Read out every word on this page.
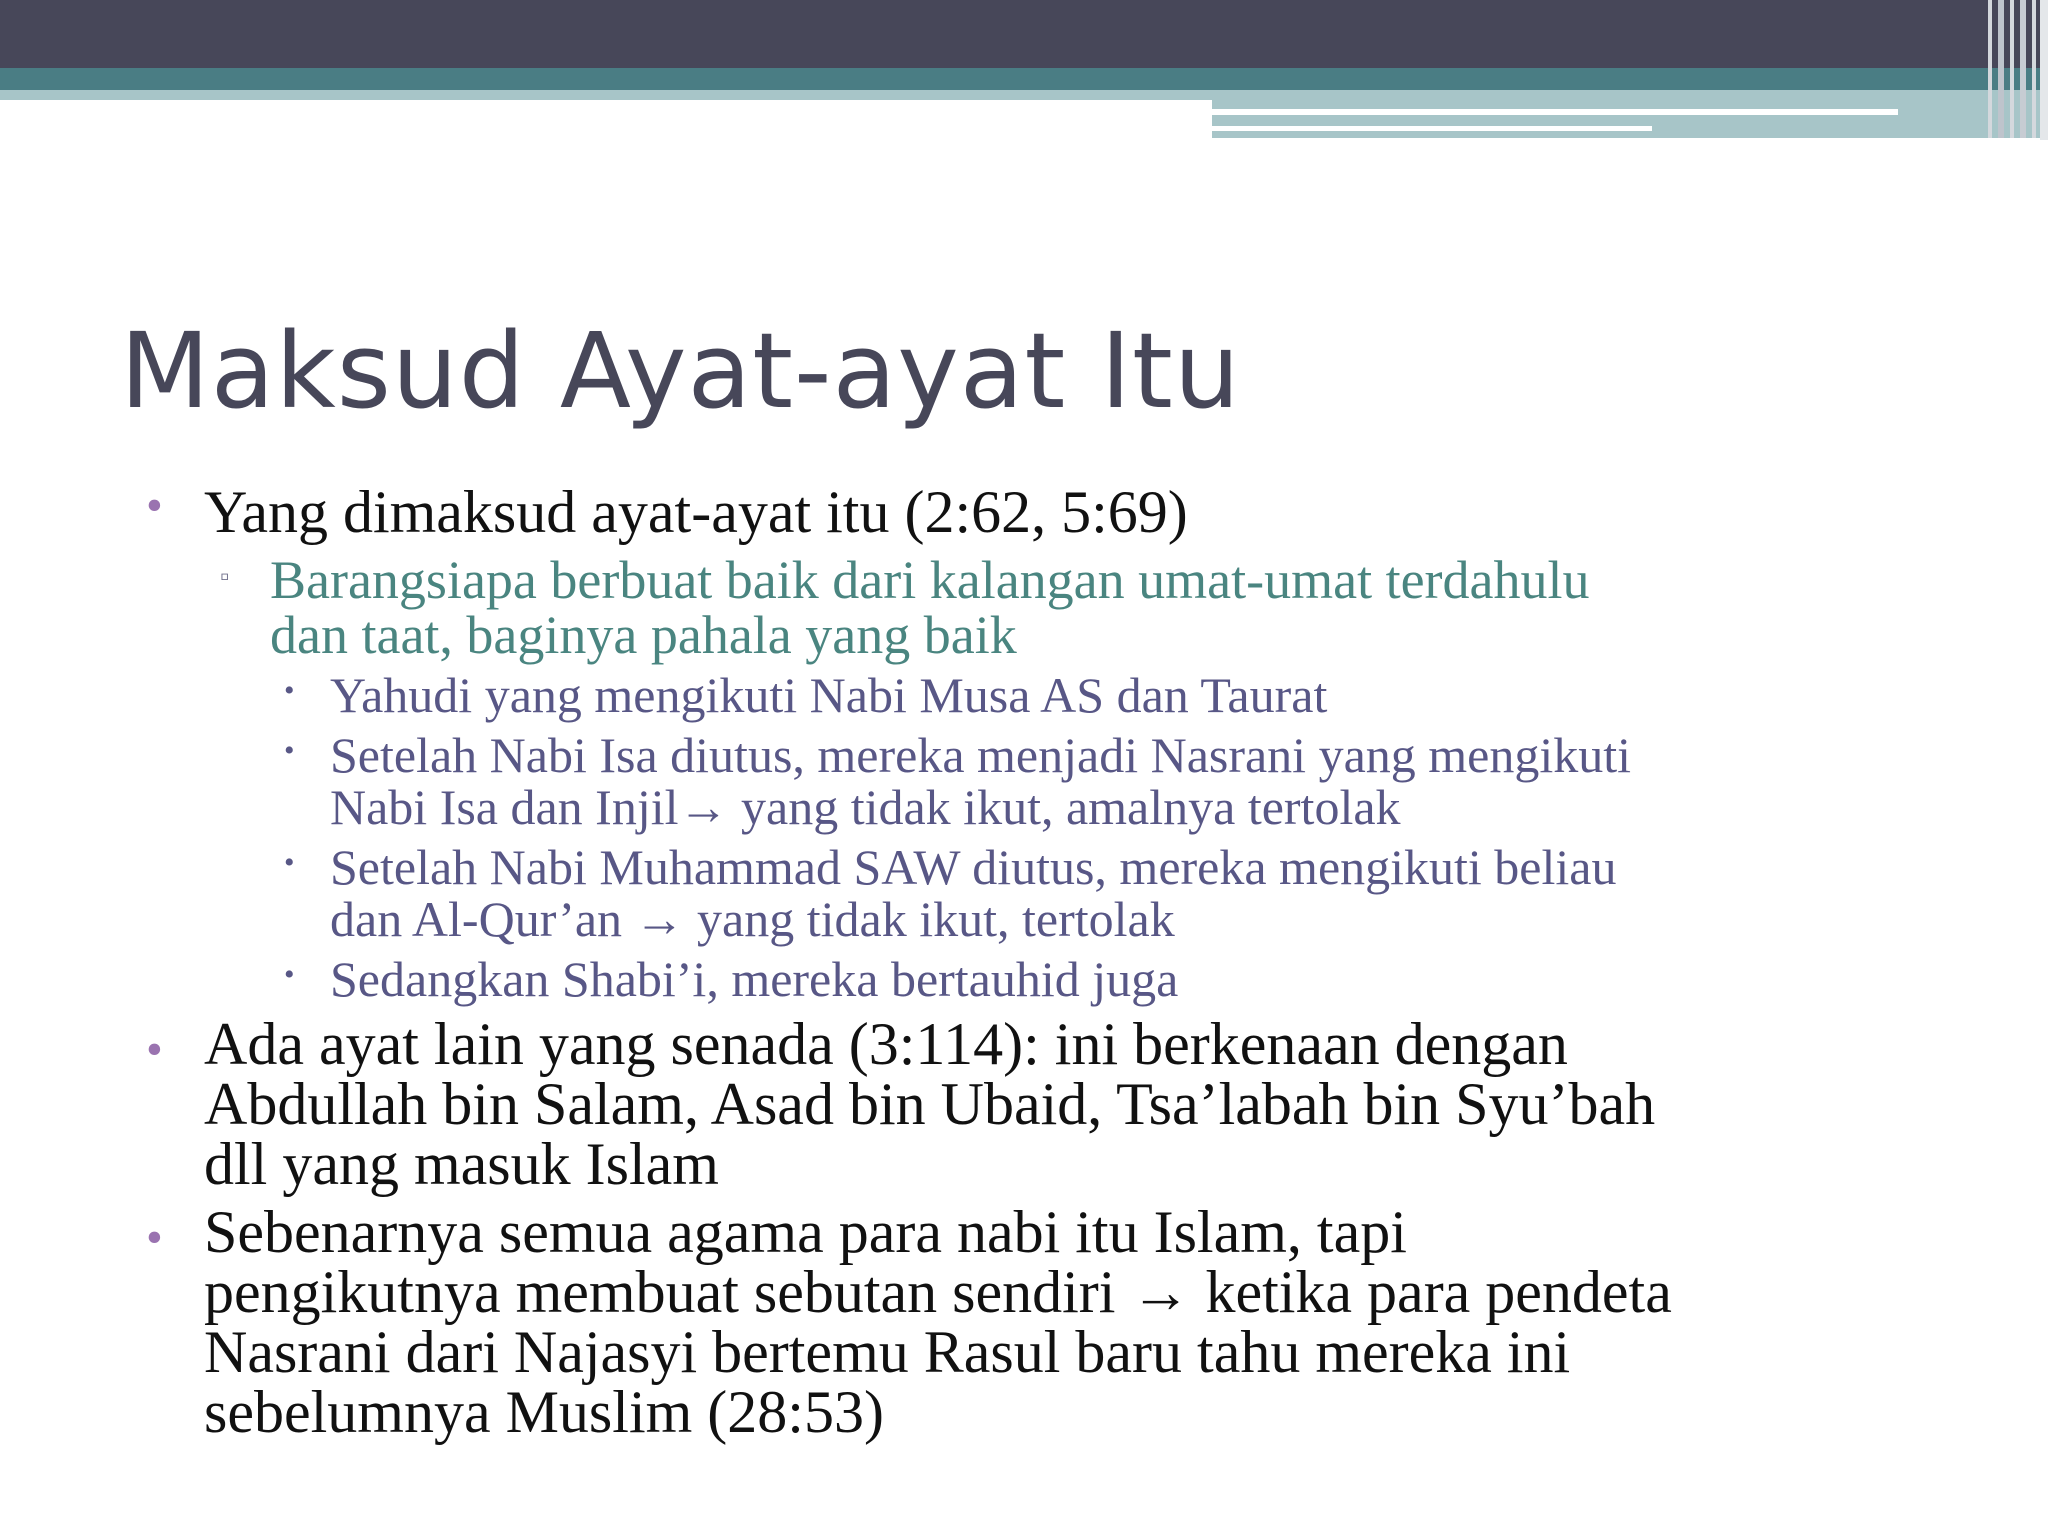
Maksud Ayat-ayat Itu
• Yang dimaksud ayat-ayat itu (2:62, 5:69)
▫ Barangsiapa berbuat baik dari kalangan umat-umat terdahulu
dan taat, baginya pahala yang baik
• Yahudi yang mengikuti Nabi Musa AS dan Taurat
• Setelah Nabi Isa diutus, mereka menjadi Nasrani yang mengikuti
Nabi Isa dan Injil→ yang tidak ikut, amalnya tertolak
• Setelah Nabi Muhammad SAW diutus, mereka mengikuti beliau
dan Al-Qur’an → yang tidak ikut, tertolak
• Sedangkan Shabi’i, mereka bertauhid juga
• Ada ayat lain yang senada (3:114): ini berkenaan dengan
Abdullah bin Salam, Asad bin Ubaid, Tsa’labah bin Syu’bah
dll yang masuk Islam
• Sebenarnya semua agama para nabi itu Islam, tapi
pengikutnya membuat sebutan sendiri → ketika para pendeta
Nasrani dari Najasyi bertemu Rasul baru tahu mereka ini
sebelumnya Muslim (28:53)
